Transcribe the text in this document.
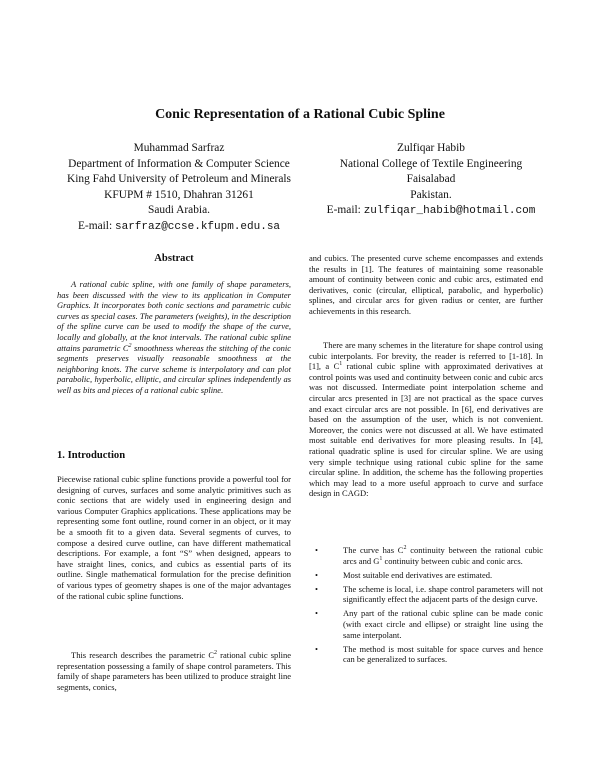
Conic Representation of a Rational Cubic Spline
Muhammad Sarfraz
Department of Information & Computer Science
King Fahd University of Petroleum and Minerals
KFUPM # 1510, Dhahran 31261
Saudi Arabia.
E-mail: sarfraz@ccse.kfupm.edu.sa
Zulfiqar Habib
National College of Textile Engineering
Faisalabad
Pakistan.
E-mail: zulfiqar_habib@hotmail.com
Abstract
A rational cubic spline, with one family of shape parameters, has been discussed with the view to its application in Computer Graphics. It incorporates both conic sections and parametric cubic curves as special cases. The parameters (weights), in the description of the spline curve can be used to modify the shape of the curve, locally and globally, at the knot intervals. The rational cubic spline attains parametric $C^2$ smoothness whereas the stitching of the conic segments preserves visually reasonable smoothness at the neighboring knots. The curve scheme is interpolatory and can plot parabolic, hyperbolic, elliptic, and circular splines independently as well as bits and pieces of a rational cubic spline.
1. Introduction
Piecewise rational cubic spline functions provide a powerful tool for designing of curves, surfaces and some analytic primitives such as conic sections that are widely used in engineering design and various Computer Graphics applications. These applications may be representing some font outline, round corner in an object, or it may be a smooth fit to a given data. Several segments of curves, to compose a desired curve outline, can have different mathematical descriptions. For example, a font “S” when designed, appears to have straight lines, conics, and cubics as essential parts of its outline. Single mathematical formulation for the precise definition of various types of geometry shapes is one of the major advantages of the rational cubic spline functions.
This research describes the parametric $C^2$ rational cubic spline representation possessing a family of shape control parameters. This family of shape parameters has been utilized to produce straight line segments, conics,
and cubics. The presented curve scheme encompasses and extends the results in [1]. The features of maintaining some reasonable amount of continuity between conic and cubic arcs, estimated end derivatives, conic (circular, elliptical, parabolic, and hyperbolic) splines, and circular arcs for given radius or center, are further achievements in this research.
There are many schemes in the literature for shape control using cubic interpolants. For brevity, the reader is referred to [1-18]. In [1], a $C^1$ rational cubic spline with approximated derivatives at control points was used and continuity between conic and cubic arcs was not discussed. Intermediate point interpolation scheme and circular arcs presented in [3] are not practical as the space curves and exact circular arcs are not possible. In [6], end derivatives are based on the assumption of the user, which is not convenient. Moreover, the conics were not discussed at all. We have estimated most suitable end derivatives for more pleasing results. In [4], rational quadratic spline is used for circular spline. We are using very simple technique using rational cubic spline for the same circular spline. In addition, the scheme has the following properties which may lead to a more useful approach to curve and surface design in CAGD:
•	The curve has $C^2$ continuity between the rational cubic arcs and $G^1$ continuity between cubic and conic arcs.
•	Most suitable end derivatives are estimated.
•	The scheme is local, i.e. shape control parameters will not significantly effect the adjacent parts of the design curve.
•	Any part of the rational cubic spline can be made conic (with exact circle and ellipse) or straight line using the same interpolant.
•	The method is most suitable for space curves and hence can be generalized to surfaces.
